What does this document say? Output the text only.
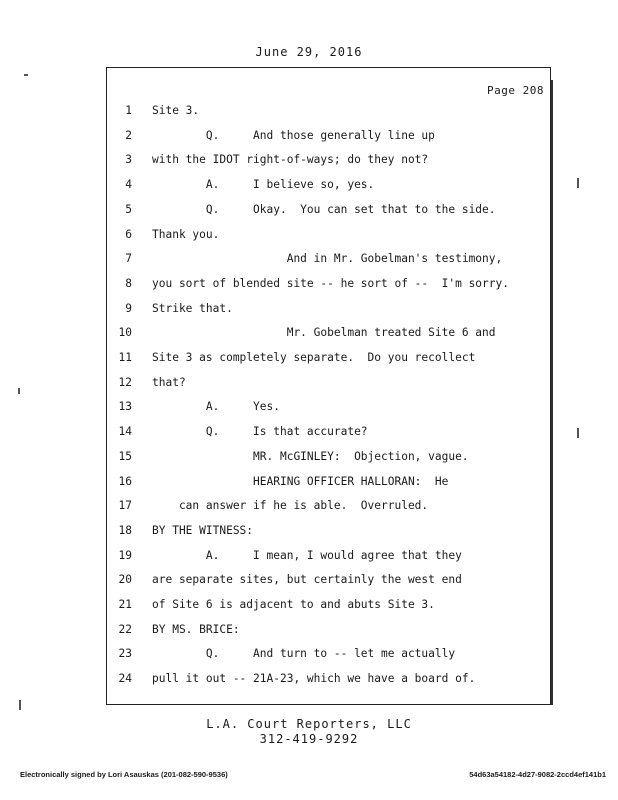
June 29, 2016
Page 208
1 Site 3.
2 Q.     And those generally line up
3 with the IDOT right-of-ways; do they not?
4 A.     I believe so, yes.
5 Q.     Okay.  You can set that to the side.
6 Thank you.
7 And in Mr. Gobelman's testimony,
8 you sort of blended site -- he sort of --  I'm sorry.
9 Strike that.
10 Mr. Gobelman treated Site 6 and
11 Site 3 as completely separate.  Do you recollect
12 that?
13 A.     Yes.
14 Q.     Is that accurate?
15 MR. McGINLEY:  Objection, vague.
16 HEARING OFFICER HALLORAN:  He
17 can answer if he is able.  Overruled.
18 BY THE WITNESS:
19 A.     I mean, I would agree that they
20 are separate sites, but certainly the west end
21 of Site 6 is adjacent to and abuts Site 3.
22 BY MS. BRICE:
23 Q.     And turn to -- let me actually
24 pull it out -- 21A-23, which we have a board of.
L.A. Court Reporters, LLC
312-419-9292
Electronically signed by Lori Asauskas (201-082-590-9536)	54d63a54182-4d27-9082-2ccd4ef141b1
